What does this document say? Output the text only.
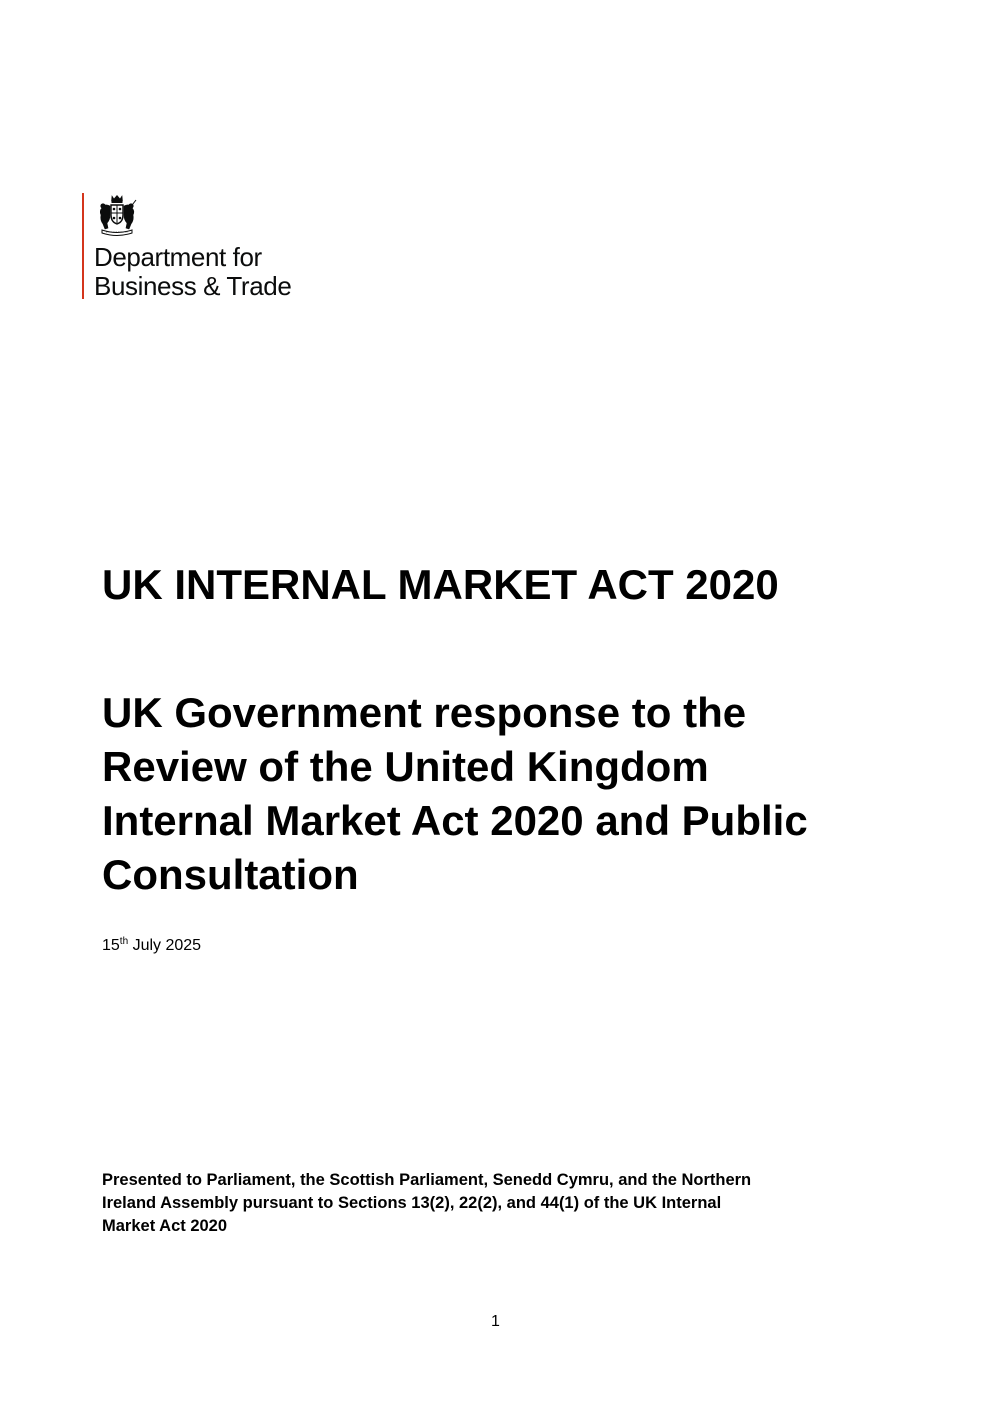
Department for
Business & Trade
UK INTERNAL MARKET ACT 2020
UK Government response to the
Review of the United Kingdom
Internal Market Act 2020 and Public
Consultation
15th July 2025
Presented to Parliament, the Scottish Parliament, Senedd Cymru, and the Northern
Ireland Assembly pursuant to Sections 13(2), 22(2), and 44(1) of the UK Internal
Market Act 2020
1
